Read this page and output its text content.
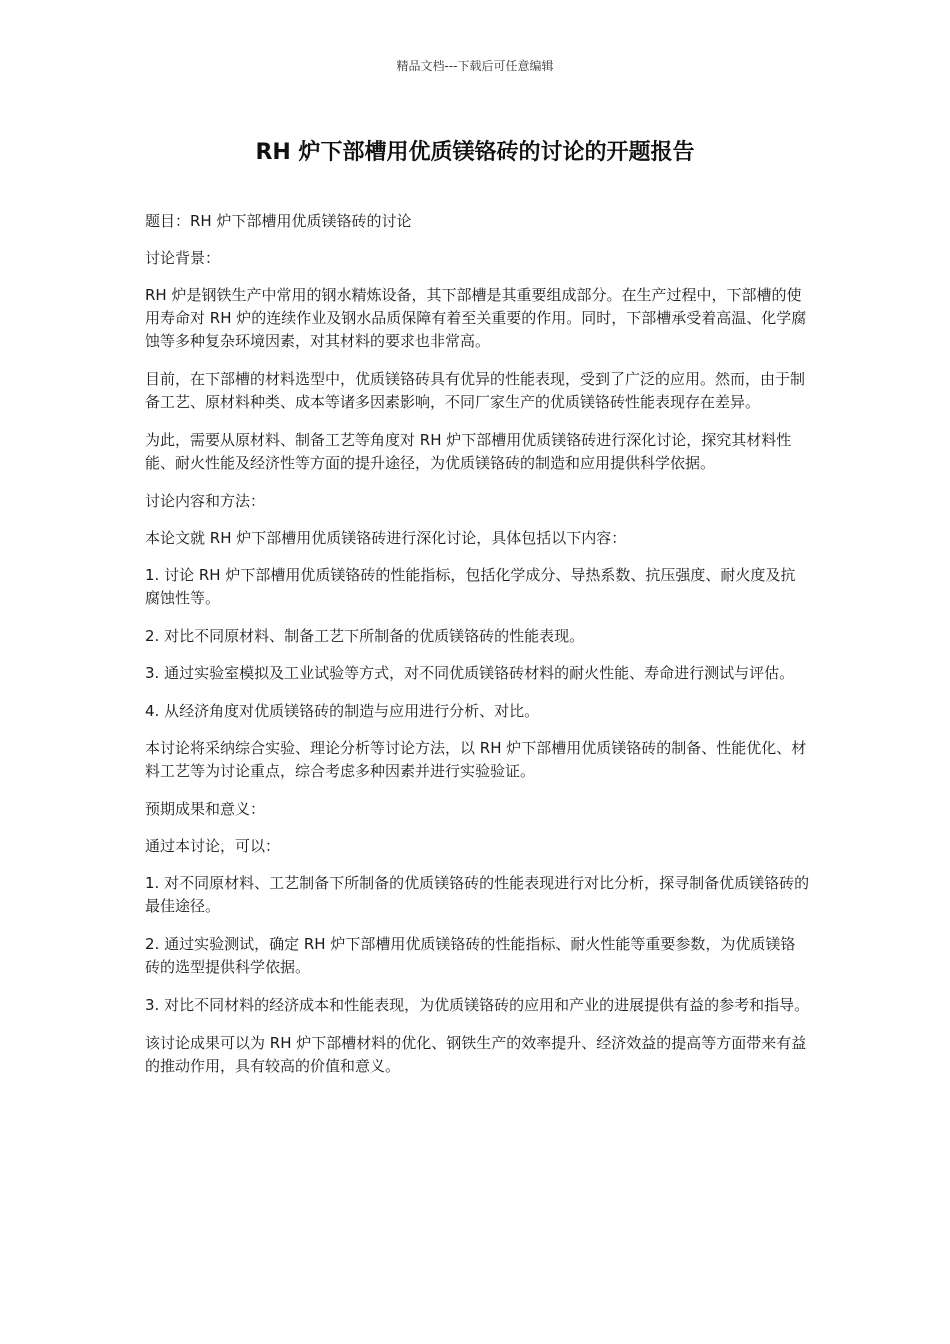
精品文档---下载后可任意编辑
RH 炉下部槽用优质镁铬砖的讨论的开题报告

题目：RH 炉下部槽用优质镁铬砖的讨论

讨论背景：

RH 炉是钢铁生产中常用的钢水精炼设备，其下部槽是其重要组成部分。在生产过程中，下部槽的使用寿命对 RH 炉的连续作业及钢水品质保障有着至关重要的作用。同时，下部槽承受着高温、化学腐蚀等多种复杂环境因素，对其材料的要求也非常高。

目前，在下部槽的材料选型中，优质镁铬砖具有优异的性能表现，受到了广泛的应用。然而，由于制备工艺、原材料种类、成本等诸多因素影响，不同厂家生产的优质镁铬砖性能表现存在差异。

为此，需要从原材料、制备工艺等角度对 RH 炉下部槽用优质镁铬砖进行深化讨论，探究其材料性能、耐火性能及经济性等方面的提升途径，为优质镁铬砖的制造和应用提供科学依据。

讨论内容和方法：

本论文就 RH 炉下部槽用优质镁铬砖进行深化讨论，具体包括以下内容：

1. 讨论 RH 炉下部槽用优质镁铬砖的性能指标，包括化学成分、导热系数、抗压强度、耐火度及抗腐蚀性等。

2. 对比不同原材料、制备工艺下所制备的优质镁铬砖的性能表现。

3. 通过实验室模拟及工业试验等方式，对不同优质镁铬砖材料的耐火性能、寿命进行测试与评估。

4. 从经济角度对优质镁铬砖的制造与应用进行分析、对比。

本讨论将采纳综合实验、理论分析等讨论方法，以 RH 炉下部槽用优质镁铬砖的制备、性能优化、材料工艺等为讨论重点，综合考虑多种因素并进行实验验证。

预期成果和意义：

通过本讨论，可以：

1. 对不同原材料、工艺制备下所制备的优质镁铬砖的性能表现进行对比分析，探寻制备优质镁铬砖的最佳途径。

2. 通过实验测试，确定 RH 炉下部槽用优质镁铬砖的性能指标、耐火性能等重要参数，为优质镁铬砖的选型提供科学依据。

3. 对比不同材料的经济成本和性能表现，为优质镁铬砖的应用和产业的进展提供有益的参考和指导。

该讨论成果可以为 RH 炉下部槽材料的优化、钢铁生产的效率提升、经济效益的提高等方面带来有益的推动作用，具有较高的价值和意义。
